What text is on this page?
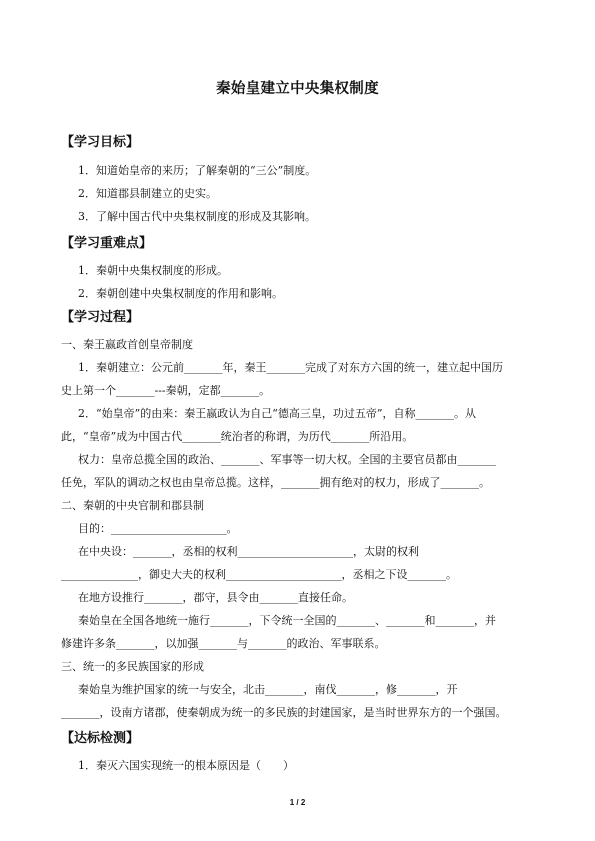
秦始皇建立中央集权制度
【学习目标】
1．知道始皇帝的来历；了解秦朝的“三公”制度。
2．知道郡县制建立的史实。
3．了解中国古代中央集权制度的形成及其影响。
【学习重难点】
1．秦朝中央集权制度的形成。
2．秦朝创建中央集权制度的作用和影响。
【学习过程】
一、秦王嬴政首创皇帝制度
1．秦朝建立：公元前_______年，秦王_______完成了对东方六国的统一，建立起中国历
史上第一个_______---秦朝，定都_______。
2．“始皇帝”的由来：秦王嬴政认为自己“德高三皇，功过五帝”，自称_______。从
此，“皇帝”成为中国古代_______统治者的称谓，为历代_______所沿用。
权力：皇帝总揽全国的政治、_______、军事等一切大权。全国的主要官员都由_______
任免，军队的调动之权也由皇帝总揽。这样，_______拥有绝对的权力，形成了_______。
二、秦朝的中央官制和郡县制
目的：_____________________。
在中央设：_______，丞相的权利_____________________，太尉的权利
______________，御史大夫的权利_____________________，丞相之下设_______。
在地方设推行_______，郡守，县令由_______直接任命。
秦始皇在全国各地统一施行_______，下令统一全国的_______、_______和_______，并
修建许多条_______，以加强_______与_______的政治、军事联系。
三、统一的多民族国家的形成
秦始皇为维护国家的统一与安全，北击_______，南伐_______，修_______，开
_______，设南方诸郡，使秦朝成为统一的多民族的封建国家，是当时世界东方的一个强国。
【达标检测】
1．秦灭六国实现统一的根本原因是（　　）
1 / 2
